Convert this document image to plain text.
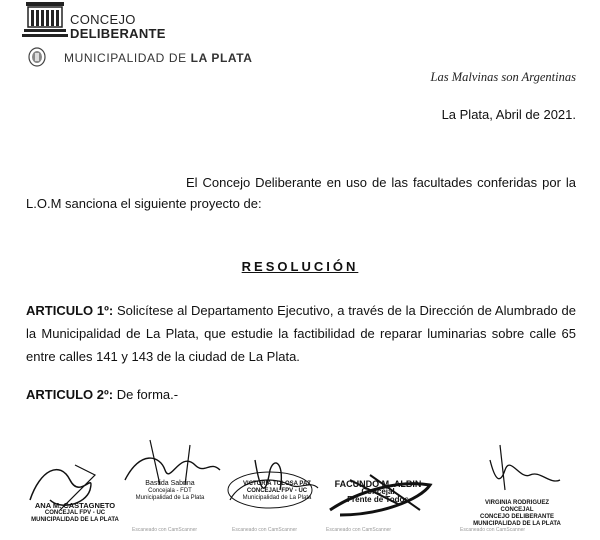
CONCEJO
DELIBERANTE
MUNICIPALIDAD DE LA PLATA
Las Malvinas son Argentinas
La Plata, Abril de 2021.
El Concejo Deliberante en uso de las facultades conferidas por la L.O.M sanciona el siguiente proyecto de:
RESOLUCIÓN
ARTICULO 1º: Solicítese al Departamento Ejecutivo, a través de la Dirección de Alumbrado de la Municipalidad de La Plata, que estudie la factibilidad de reparar luminarias sobre calle 65 entre calles 141 y 143 de la ciudad de La Plata.
ARTICULO 2º: De forma.-
ANA M. CASTAGNETO
CONCEJAL FPV - UC
MUNICIPALIDAD DE LA PLATA
Bastida Sabrina
Concejala - FDT
Municipalidad de La Plata
VICTORIA TOLOSA PAZ
CONCEJAL FPV - UC
Municipalidad de La Plata
FACUNDO M. ALBIN
Concejal
Frente de Todos	VIRGINIA RODRIGUEZ
CONCEJAL
CONCEJO DELIBERANTE
MUNICIPALIDAD DE LA PLATA
Escaneado con CamScanner	Escaneado con CamScanner	Escaneado con CamScanner	Escaneado con CamScanner
